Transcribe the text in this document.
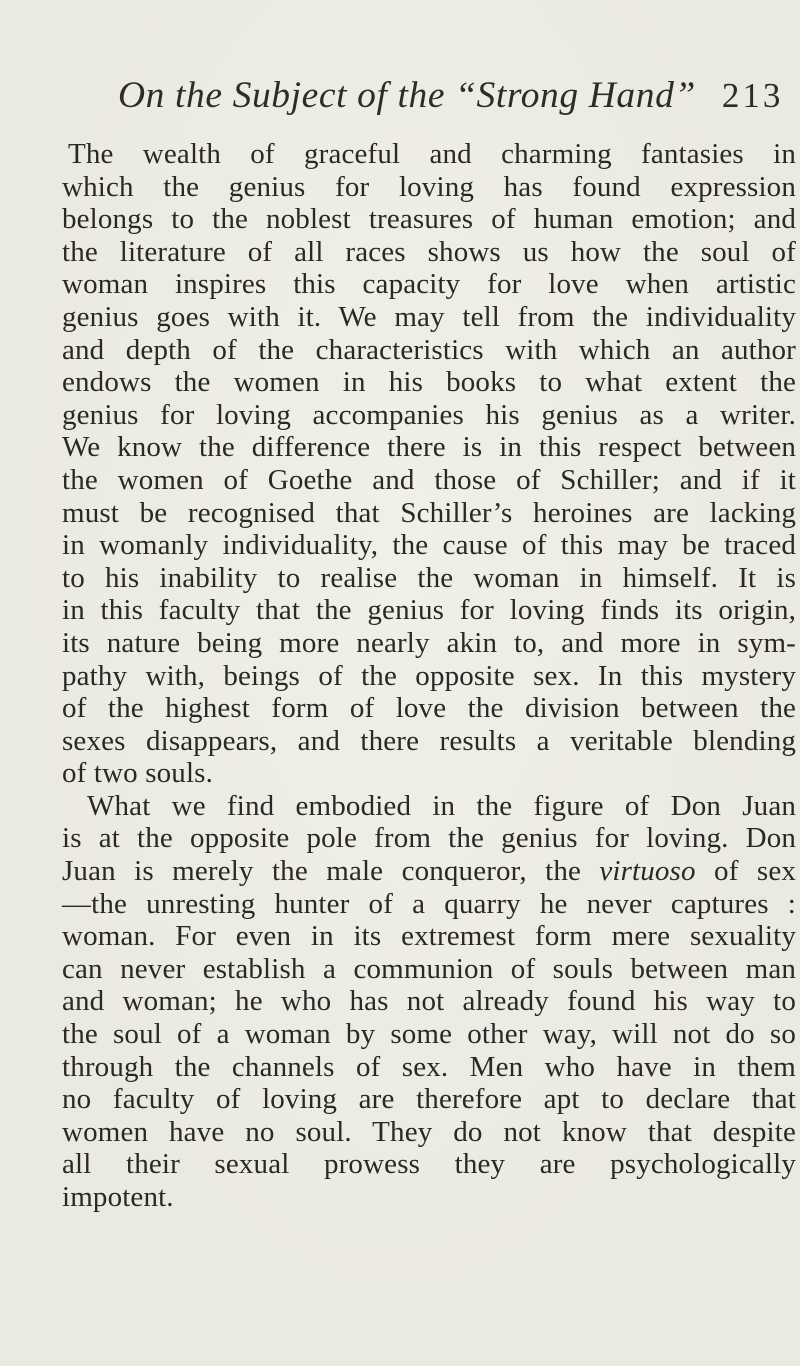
On the Subject of the “Strong Hand” 213
The wealth of graceful and charming fantasies in
which the genius for loving has found expression
belongs to the noblest treasures of human emotion; and
the literature of all races shows us how the soul of
woman inspires this capacity for love when artistic
genius goes with it. We may tell from the individuality
and depth of the characteristics with which an author
endows the women in his books to what extent the
genius for loving accompanies his genius as a writer.
We know the difference there is in this respect between
the women of Goethe and those of Schiller; and if it
must be recognised that Schiller’s heroines are lacking
in womanly individuality, the cause of this may be traced
to his inability to realise the woman in himself. It is
in this faculty that the genius for loving finds its origin,
its nature being more nearly akin to, and more in sym-
pathy with, beings of the opposite sex. In this mystery
of the highest form of love the division between the
sexes disappears, and there results a veritable blending
of two souls.
What we find embodied in the figure of Don Juan
is at the opposite pole from the genius for loving. Don
Juan is merely the male conqueror, the virtuoso of sex
—the unresting hunter of a quarry he never captures :
woman. For even in its extremest form mere sexuality
can never establish a communion of souls between man
and woman; he who has not already found his way to
the soul of a woman by some other way, will not do so
through the channels of sex. Men who have in them
no faculty of loving are therefore apt to declare that
women have no soul. They do not know that despite
all their sexual prowess they are psychologically
impotent.
